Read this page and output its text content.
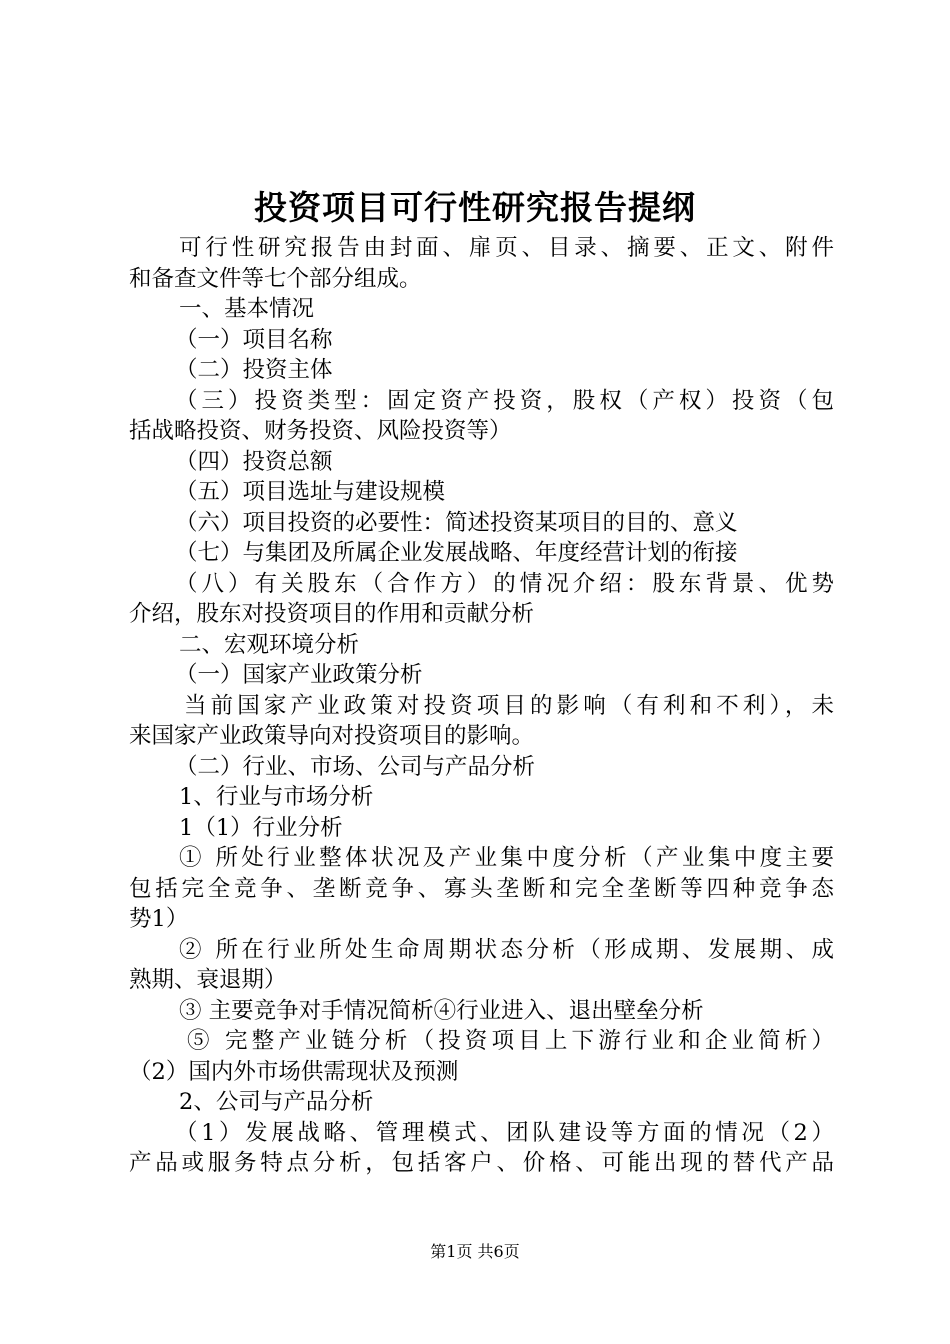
投资项目可行性研究报告提纲
可行性研究报告由封面、扉页、目录、摘要、正文、附件
和备查文件等七个部分组成。
一、基本情况
（一）项目名称
（二）投资主体
（三）投资类型：固定资产投资，股权（产权）投资（包
括战略投资、财务投资、风险投资等）
（四）投资总额
（五）项目选址与建设规模
（六）项目投资的必要性：简述投资某项目的目的、意义
（七）与集团及所属企业发展战略、年度经营计划的衔接
（八）有关股东（合作方）的情况介绍：股东背景、优势
介绍，股东对投资项目的作用和贡献分析
二、宏观环境分析
（一）国家产业政策分析
当前国家产业政策对投资项目的影响（有利和不利），未
来国家产业政策导向对投资项目的影响。
（二）行业、市场、公司与产品分析
1、行业与市场分析
1（1）行业分析
① 所处行业整体状况及产业集中度分析（产业集中度主要
包括完全竞争、垄断竞争、寡头垄断和完全垄断等四种竞争态
势1）
② 所在行业所处生命周期状态分析（形成期、发展期、成
熟期、衰退期）
③ 主要竞争对手情况简析④行业进入、退出壁垒分析
⑤ 完整产业链分析（投资项目上下游行业和企业简析）
（2）国内外市场供需现状及预测
2、公司与产品分析
（1）发展战略、管理模式、团队建设等方面的情况（2）
产品或服务特点分析，包括客户、价格、可能出现的替代产品
第1页 共6页
